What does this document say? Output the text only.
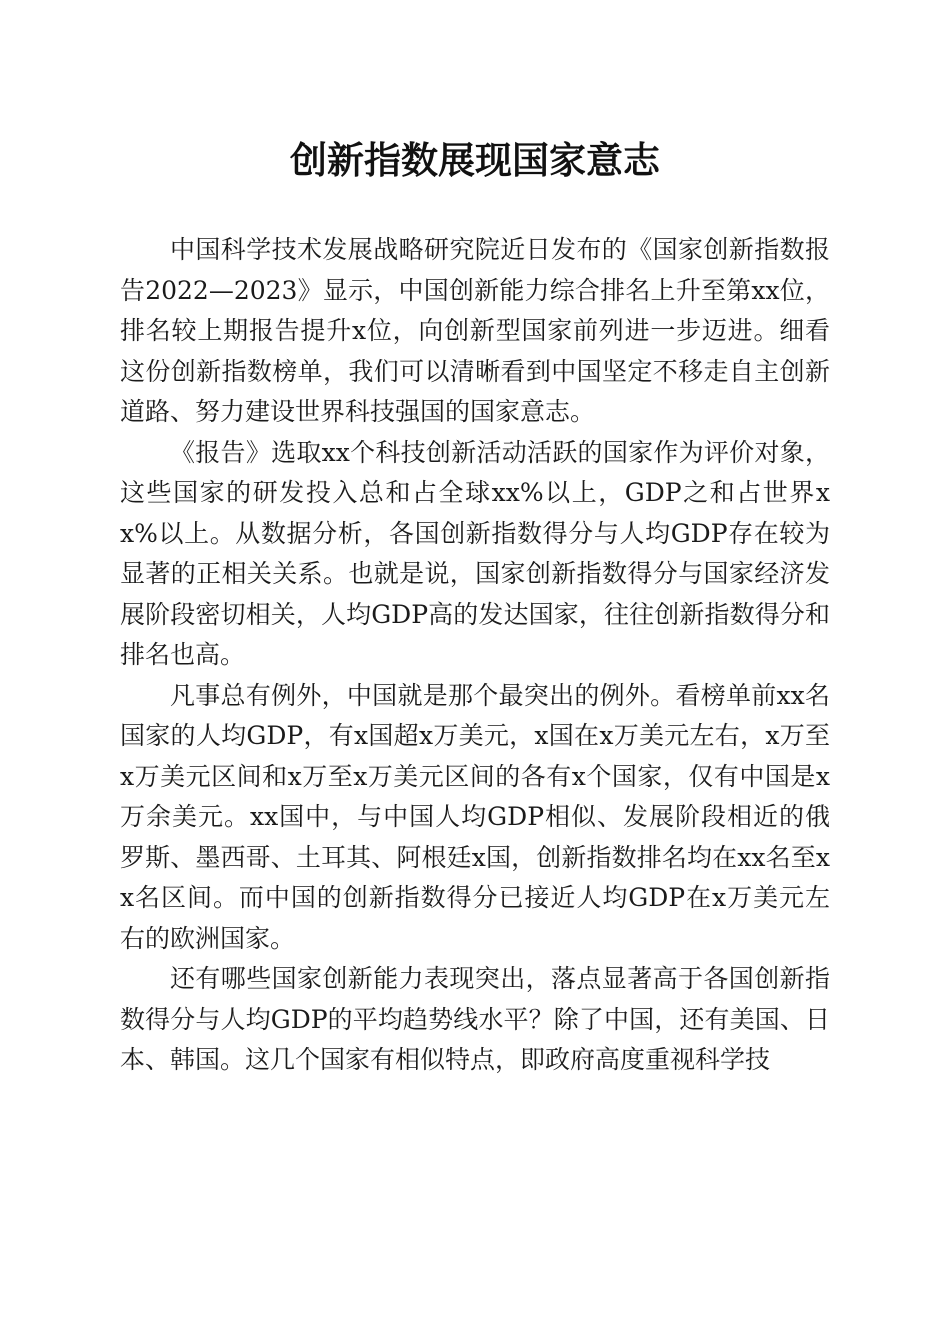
创新指数展现国家意志

中国科学技术发展战略研究院近日发布的《国家创新指数报告2022—2023》显示，中国创新能力综合排名上升至第xx位，排名较上期报告提升x位，向创新型国家前列进一步迈进。细看这份创新指数榜单，我们可以清晰看到中国坚定不移走自主创新道路、努力建设世界科技强国的国家意志。

《报告》选取xx个科技创新活动活跃的国家作为评价对象，这些国家的研发投入总和占全球xx%以上，GDP之和占世界xx%以上。从数据分析，各国创新指数得分与人均GDP存在较为显著的正相关关系。也就是说，国家创新指数得分与国家经济发展阶段密切相关，人均GDP高的发达国家，往往创新指数得分和排名也高。

凡事总有例外，中国就是那个最突出的例外。看榜单前xx名国家的人均GDP，有x国超x万美元，x国在x万美元左右，x万至x万美元区间和x万至x万美元区间的各有x个国家，仅有中国是x万余美元。xx国中，与中国人均GDP相似、发展阶段相近的俄罗斯、墨西哥、土耳其、阿根廷x国，创新指数排名均在xx名至xx名区间。而中国的创新指数得分已接近人均GDP在x万美元左右的欧洲国家。

还有哪些国家创新能力表现突出，落点显著高于各国创新指数得分与人均GDP的平均趋势线水平？除了中国，还有美国、日本、韩国。这几个国家有相似特点，即政府高度重视科学技
